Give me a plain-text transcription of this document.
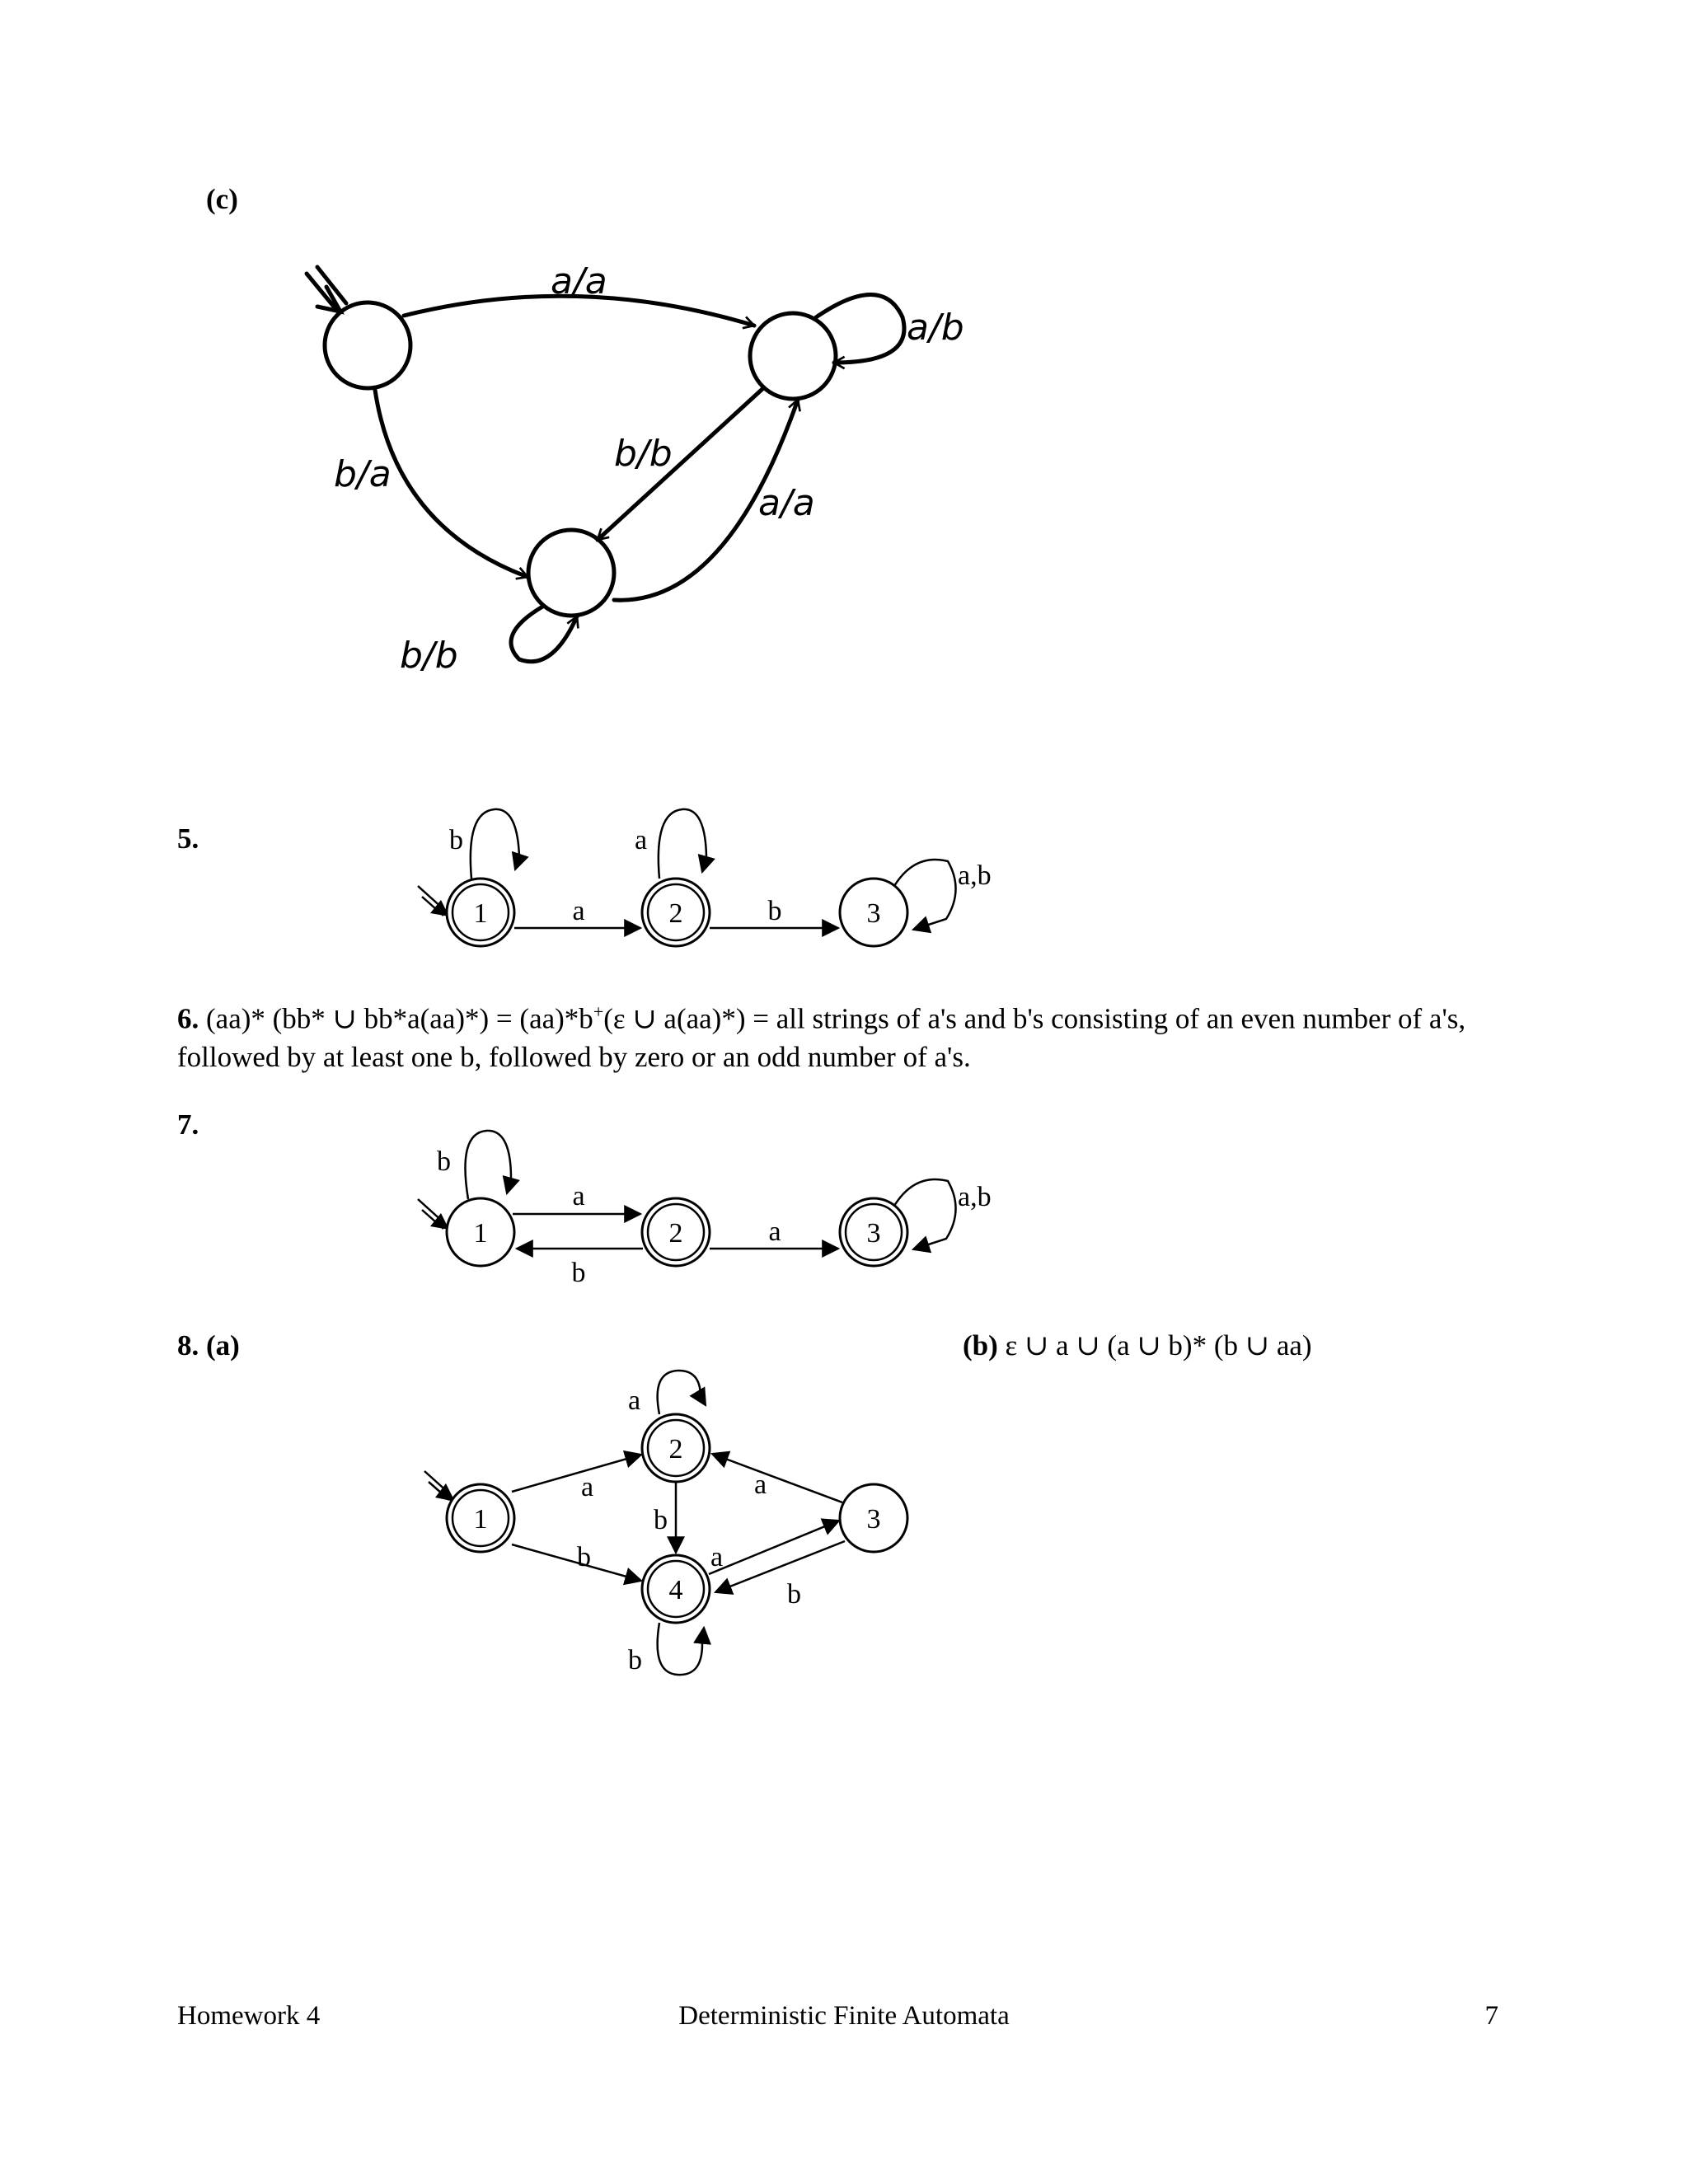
(c)
a/a
b/a	b/b
a/a
a/b
b/b
5.
1	2	3
b	a
a,b
a	b
6. (aa)* (bb* ∪ bb*a(aa)*) = (aa)*b+(ε ∪ a(aa)*) = all strings of a's and b's consisting of an even number of a's, followed by at least one b, followed by zero or an odd number of a's.
7.
1	2	3
b
a,b
a
b
a
8. (a)	(b) ε ∪ a ∪ (a ∪ b)* (b ∪ aa)
1
2
3
4
a
b
a
b
b
a
a
b
Homework 4	Deterministic Finite Automata	7
